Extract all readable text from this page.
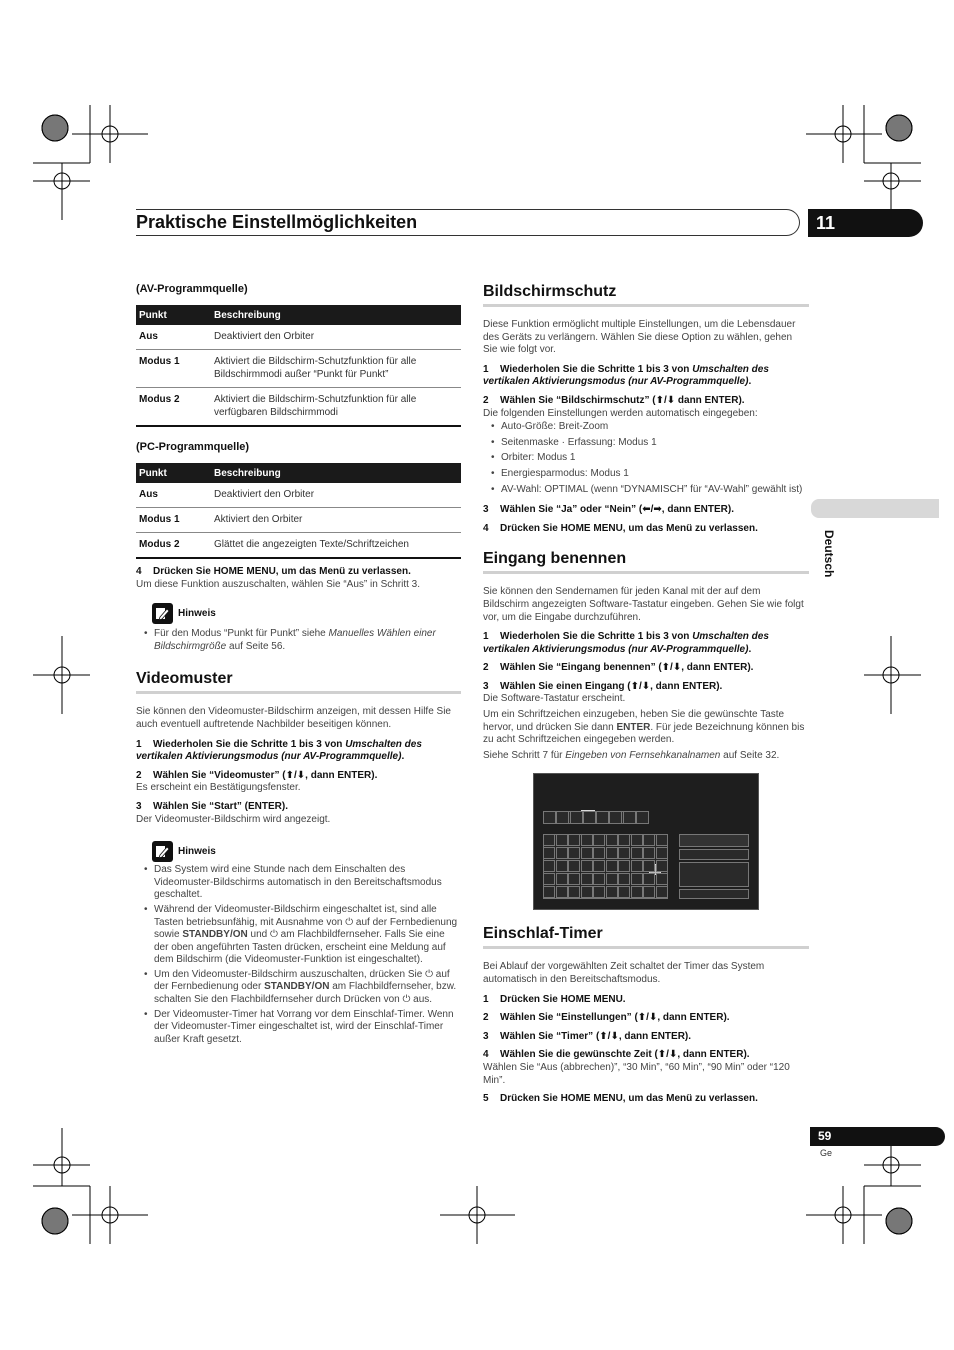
Praktische Einstellmöglichkeiten	11
Deutsch
59
Ge
(AV-Programmquelle)
Punkt	Beschreibung
Aus	Deaktiviert den Orbiter
Modus 1	Aktiviert die Bildschirm-Schutzfunktion für alle Bildschirmmodi außer “Punkt für Punkt”
Modus 2	Aktiviert die Bildschirm-Schutzfunktion für alle verfügbaren Bildschirmmodi
(PC-Programmquelle)
Punkt	Beschreibung
Aus	Deaktiviert den Orbiter
Modus 1	Aktiviert den Orbiter
Modus 2	Glättet die angezeigten Texte/Schriftzeichen
4 Drücken Sie HOME MENU, um das Menü zu verlassen.

Um diese Funktion auszuschalten, wählen Sie “Aus” in Schritt 3.

Hinweis
• Für den Modus “Punkt für Punkt” siehe Manuelles Wählen einer Bildschirmgröße auf Seite 56.
Videomuster

Sie können den Videomuster-Bildschirm anzeigen, mit dessen Hilfe Sie auch eventuell auftretende Nachbilder beseitigen können.

1 Wiederholen Sie die Schritte 1 bis 3 von Umschalten des vertikalen Aktivierungsmodus (nur AV-Programmquelle).
2 Wählen Sie “Videomuster” (⬆/⬇, dann ENTER).

Es erscheint ein Bestätigungsfenster.

3 Wählen Sie “Start” (ENTER).

Der Videomuster-Bildschirm wird angezeigt.

Hinweis
• Das System wird eine Stunde nach dem Einschalten des Videomuster-Bildschirms automatisch in den Bereitschaftsmodus geschaltet.
• Während der Videomuster-Bildschirm eingeschaltet ist, sind alle Tasten betriebsunfähig, mit Ausnahme von ⏻ auf der Fernbedienung sowie STANDBY/ON und ⏻ am Flachbildfernseher. Falls Sie eine der oben angeführten Tasten drücken, erscheint eine Meldung auf dem Bildschirm (die Videomuster-Funktion ist eingeschaltet).
• Um den Videomuster-Bildschirm auszuschalten, drücken Sie ⏻ auf der Fernbedienung oder STANDBY/ON am Flachbildfernseher, bzw. schalten Sie den Flachbildfernseher durch Drücken von ⏻ aus.
• Der Videomuster-Timer hat Vorrang vor dem Einschlaf-Timer. Wenn der Videomuster-Timer eingeschaltet ist, wird der Einschlaf-Timer außer Kraft gesetzt.
Bildschirmschutz

Diese Funktion ermöglicht multiple Einstellungen, um die Lebensdauer des Geräts zu verlängern. Wählen Sie diese Option zu wählen, gehen Sie wie folgt vor.

1 Wiederholen Sie die Schritte 1 bis 3 von Umschalten des vertikalen Aktivierungsmodus (nur AV-Programmquelle).
2 Wählen Sie “Bildschirmschutz” (⬆/⬇ dann ENTER).

Die folgenden Einstellungen werden automatisch eingegeben:

• Auto-Größe: Breit-Zoom
• Seitenmaske · Erfassung: Modus 1
• Orbiter: Modus 1
• Energiesparmodus: Modus 1
• AV-Wahl: OPTIMAL (wenn “DYNAMISCH” für “AV-Wahl” gewählt ist)
3 Wählen Sie “Ja” oder “Nein” (⬅/➡, dann ENTER).
4 Drücken Sie HOME MENU, um das Menü zu verlassen.
Eingang benennen

Sie können den Sendernamen für jeden Kanal mit der auf dem Bildschirm angezeigten Software-Tastatur eingeben. Gehen Sie wie folgt vor, um die Eingabe durchzuführen.

1 Wiederholen Sie die Schritte 1 bis 3 von Umschalten des vertikalen Aktivierungsmodus (nur AV-Programmquelle).
2 Wählen Sie “Eingang benennen” (⬆/⬇, dann ENTER).
3 Wählen Sie einen Eingang (⬆/⬇, dann ENTER).

Die Software-Tastatur erscheint.

Um ein Schriftzeichen einzugeben, heben Sie die gewünschte Taste hervor, und drücken Sie dann ENTER. Für jede Bezeichnung können bis zu acht Schriftzeichen eingegeben werden.

Siehe Schritt 7 für Eingeben von Fernsehkanalnamen auf Seite 32.

Einschlaf-Timer

Bei Ablauf der vorgewählten Zeit schaltet der Timer das System automatisch in den Bereitschaftsmodus.

1 Drücken Sie HOME MENU.
2 Wählen Sie “Einstellungen” (⬆/⬇, dann ENTER).
3 Wählen Sie “Timer” (⬆/⬇, dann ENTER).
4 Wählen Sie die gewünschte Zeit (⬆/⬇, dann ENTER).

Wählen Sie “Aus (abbrechen)”, “30 Min”, “60 Min”, “90 Min” oder “120 Min”.

5 Drücken Sie HOME MENU, um das Menü zu verlassen.
